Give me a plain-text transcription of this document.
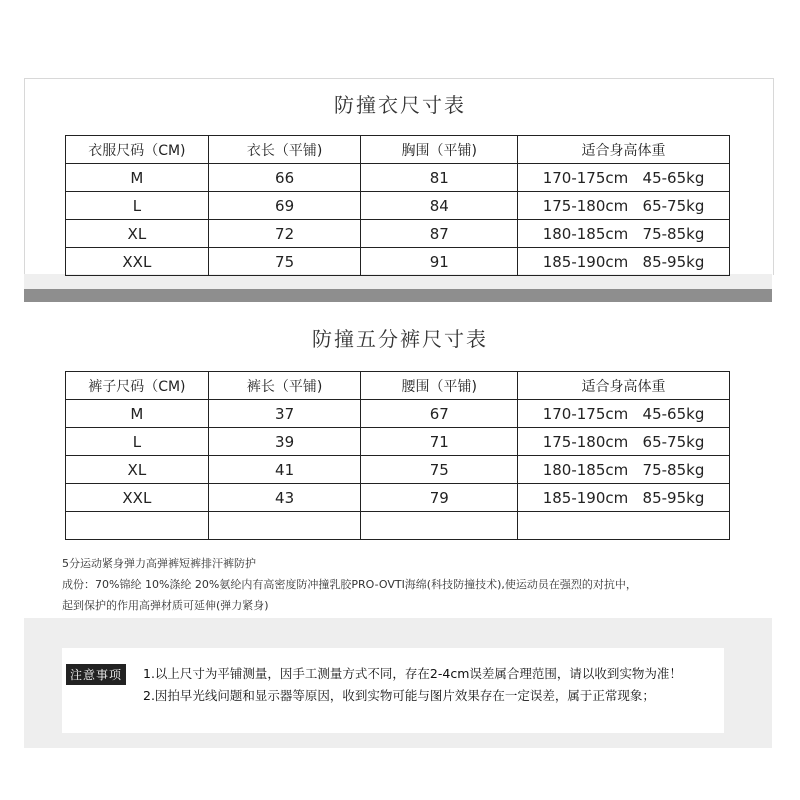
防撞衣尺寸表
衣服尺码（CM)	衣长（平铺)	胸围（平铺)	适合身高体重
M	66	81	170-175cm   45-65kg
L	69	84	175-180cm   65-75kg
XL	72	87	180-185cm   75-85kg
XXL	75	91	185-190cm   85-95kg
防撞五分裤尺寸表
裤子尺码（CM)	裤长（平铺)	腰围（平铺)	适合身高体重
M	37	67	170-175cm   45-65kg
L	39	71	175-180cm   65-75kg
XL	41	75	180-185cm   75-85kg
XXL	43	79	185-190cm   85-95kg

5分运动紧身弹力高弹裤短裤排汗裤防护
成份：70%锦纶 10%涤纶 20%氨纶内有高密度防冲撞乳胶PRO-OVTI海绵(科技防撞技术),使运动员在强烈的对抗中，
起到保护的作用高弹材质可延伸(弹力紧身)
注意事项	1.以上尺寸为平铺测量，因手工测量方式不同，存在2-4cm误差属合理范围，请以收到实物为准！
2.因拍早光线问题和显示器等原因，收到实物可能与图片效果存在一定误差，属于正常现象；
